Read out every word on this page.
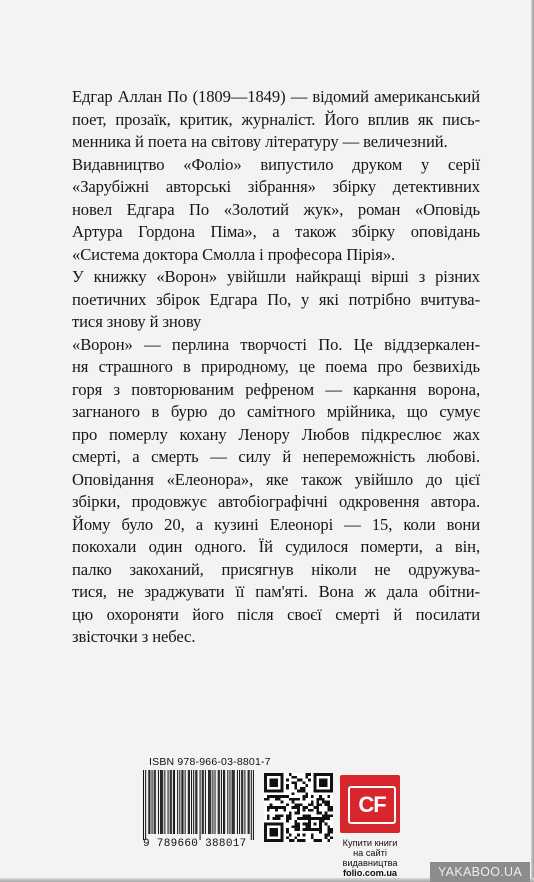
Едгар Аллан По (1809—1849) — відомий американський
поет, прозаїк, критик, журналіст. Його вплив як пись-
менника й поета на світову літературу — величезний.
Видавництво «Фоліо» випустило друком у серії
«Зарубіжні авторські зібрання» збірку детективних
новел Едгара По «Золотий жук», роман «Оповідь
Артура Гордона Піма», а також збірку оповідань
«Система доктора Смолла і професора Пірія».
У книжку «Ворон» увійшли найкращі вірші з різних
поетичних збірок Едгара По, у які потрібно вчитува-
тися знову й знову
«Ворон» — перлина творчості По. Це віддзеркален-
ня страшного в природному, це поема про безвихідь
горя з повторюваним рефреном — каркання ворона,
загнаного в бурю до самітного мрійника, що сумує
про померлу кохану Ленору Любов підкреслює жах
смерті, а смерть — силу й непереможність любові.
Оповідання «Елеонора», яке також увійшло до цієї
збірки, продовжує автобіографічні одкровення автора.
Йому було 20, а кузині Елеонорі — 15, коли вони
покохали один одного. Їй судилося померти, а він,
палко закоханий, присягнув ніколи не одружува-
тися, не зраджувати її пам'яті. Вона ж дала обітни-
цю охороняти його після своєї смерті й посилати
звісточки з небес.
ISBN 978-966-03-8801-7
9 789660 388017
CF
Купити книги
на сайті
видавництва
folio.com.ua	YAKABOO.UA
